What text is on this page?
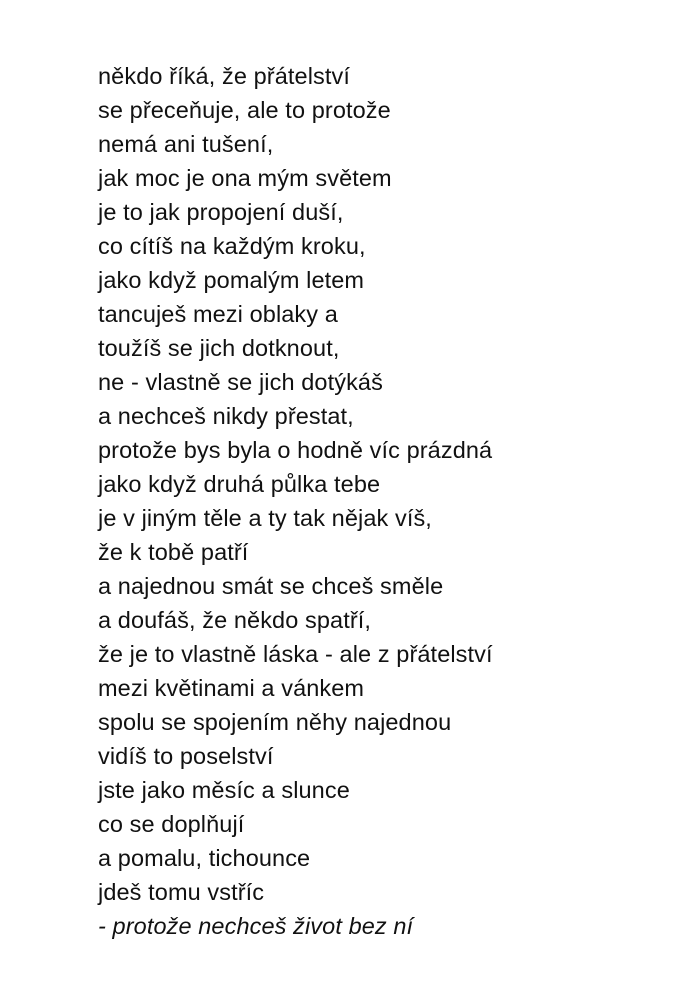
někdo říká, že přátelství
se přeceňuje, ale to protože
nemá ani tušení,
jak moc je ona mým světem
je to jak propojení duší,
co cítíš na každým kroku,
jako když pomalým letem
tancuješ mezi oblaky a
toužíš se jich dotknout,
ne - vlastně se jich dotýkáš
a nechceš nikdy přestat,
protože bys byla o hodně víc prázdná
jako když druhá půlka tebe
je v jiným těle a ty tak nějak víš,
že k tobě patří
a najednou smát se chceš směle
a doufáš, že někdo spatří,
že je to vlastně láska - ale z přátelství
mezi květinami a vánkem
spolu se spojením něhy najednou
vidíš to poselství
jste jako měsíc a slunce
co se doplňují
a pomalu, tichounce
jdeš tomu vstříc
- protože nechceš život bez ní
